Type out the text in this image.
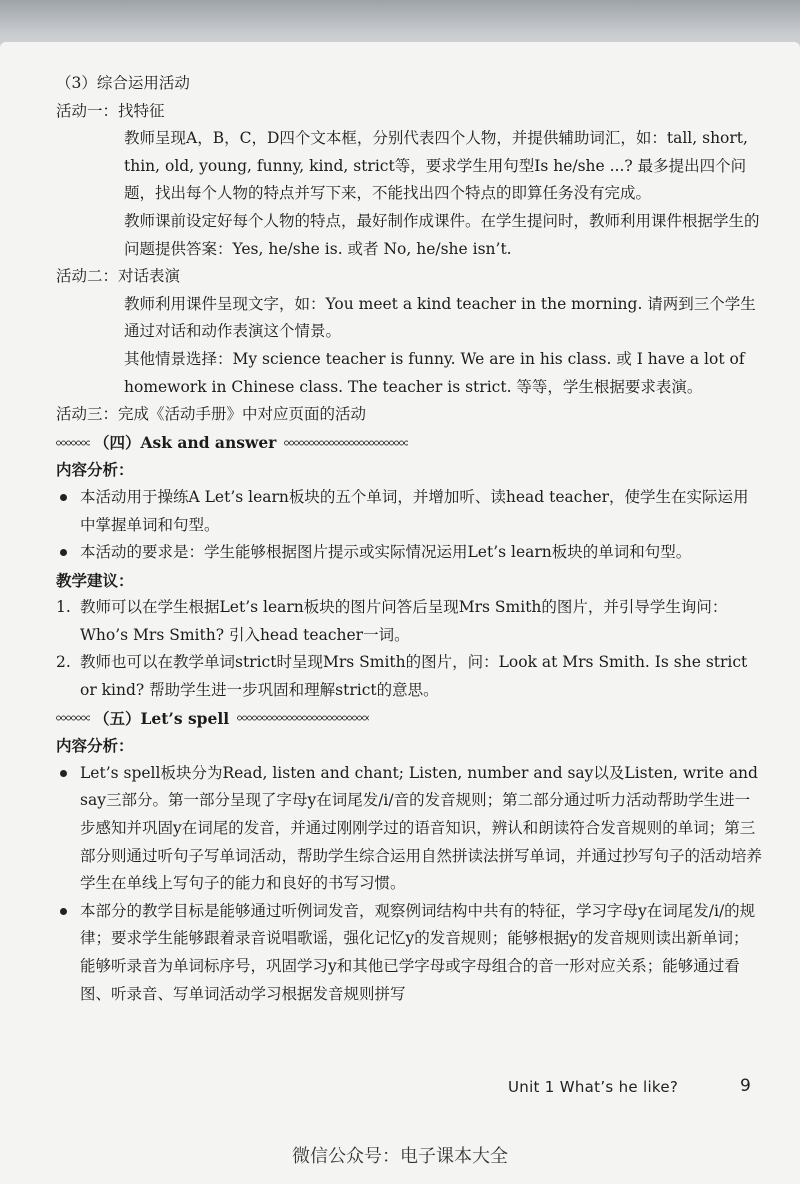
（3）综合运用活动

活动一：找特征

教师呈现A，B，C，D四个文本框，分别代表四个人物，并提供辅助词汇，如：tall, short, thin, old, young, funny, kind, strict等，要求学生用句型Is he/she ...? 最多提出四个问题，找出每个人物的特点并写下来，不能找出四个特点的即算任务没有完成。

教师课前设定好每个人物的特点，最好制作成课件。在学生提问时，教师利用课件根据学生的问题提供答案：Yes, he/she is. 或者 No, he/she isn’t.

活动二：对话表演

教师利用课件呈现文字，如：You meet a kind teacher in the morning. 请两到三个学生通过对话和动作表演这个情景。

其他情景选择：My science teacher is funny. We are in his class. 或 I have a lot of homework in Chinese class. The teacher is strict. 等等，学生根据要求表演。

活动三：完成《活动手册》中对应页面的活动

（四）Ask and answer

内容分析：

本活动用于操练A Let’s learn板块的五个单词，并增加听、读head teacher，使学生在实际运用中掌握单词和句型。

本活动的要求是：学生能够根据图片提示或实际情况运用Let’s learn板块的单词和句型。

教学建议：

1. 教师可以在学生根据Let’s learn板块的图片问答后呈现Mrs Smith的图片，并引导学生询问：Who’s Mrs Smith? 引入head teacher一词。

2. 教师也可以在教学单词strict时呈现Mrs Smith的图片，问：Look at Mrs Smith. Is she strict or kind? 帮助学生进一步巩固和理解strict的意思。

（五）Let’s spell

内容分析：

Let’s spell板块分为Read, listen and chant; Listen, number and say以及Listen, write and say三部分。第一部分呈现了字母y在词尾发/i/音的发音规则；第二部分通过听力活动帮助学生进一步感知并巩固y在词尾的发音，并通过刚刚学过的语音知识，辨认和朗读符合发音规则的单词；第三部分则通过听句子写单词活动，帮助学生综合运用自然拼读法拼写单词，并通过抄写句子的活动培养学生在单线上写句子的能力和良好的书写习惯。

本部分的教学目标是能够通过听例词发音，观察例词结构中共有的特征，学习字母y在词尾发/i/的规律；要求学生能够跟着录音说唱歌谣，强化记忆y的发音规则；能够根据y的发音规则读出新单词；能够听录音为单词标序号，巩固学习y和其他已学字母或字母组合的音一形对应关系；能够通过看图、听录音、写单词活动学习根据发音规则拼写

Unit 1 What’s he like?	9
微信公众号：电子课本大全
